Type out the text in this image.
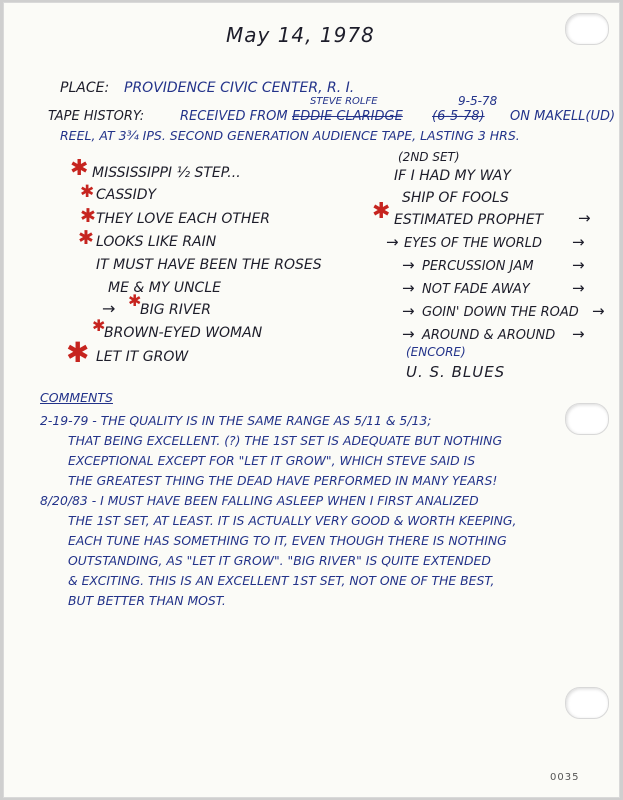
May 14, 1978
PLACE: PROVIDENCE CIVIC CENTER, R. I.
TAPE HISTORY:	RECEIVED FROM
STEVE ROLFE
EDDIE CLARIDGE
9-5-78
(6-5-78) ON MAKELL(UD)
REEL, AT 3¾ IPS. SECOND GENERATION AUDIENCE TAPE, LASTING 3 HRS.
✱ MISSISSIPPI ½ STEP...
✱ CASSIDY
✱ THEY LOVE EACH OTHER
✱ LOOKS LIKE RAIN
IT MUST HAVE BEEN THE ROSES
ME & MY UNCLE
→ ✱
BIG RIVER
✱
BROWN-EYED WOMAN
✱ LET IT GROW
(2ND SET)
IF I HAD MY WAY
SHIP OF FOOLS
✱ ESTIMATED PROPHET →
→ EYES OF THE WORLD →
→ PERCUSSION JAM	→
→ NOT FADE AWAY	→
→ GOIN' DOWN THE ROAD →
→ AROUND & AROUND →
(ENCORE)
U. S. BLUES
COMMENTS
2-19-79 - THE QUALITY IS IN THE SAME RANGE AS 5/11 & 5/13;
THAT BEING EXCELLENT. (?) THE 1ST SET IS ADEQUATE BUT NOTHING
EXCEPTIONAL EXCEPT FOR "LET IT GROW", WHICH STEVE SAID IS
THE GREATEST THING THE DEAD HAVE PERFORMED IN MANY YEARS!
8/20/83 - I MUST HAVE BEEN FALLING ASLEEP WHEN I FIRST ANALIZED
THE 1ST SET, AT LEAST. IT IS ACTUALLY VERY GOOD & WORTH KEEPING,
EACH TUNE HAS SOMETHING TO IT, EVEN THOUGH THERE IS NOTHING
OUTSTANDING, AS "LET IT GROW". "BIG RIVER" IS QUITE EXTENDED
& EXCITING. THIS IS AN EXCELLENT 1ST SET, NOT ONE OF THE BEST,
BUT BETTER THAN MOST.
0035
